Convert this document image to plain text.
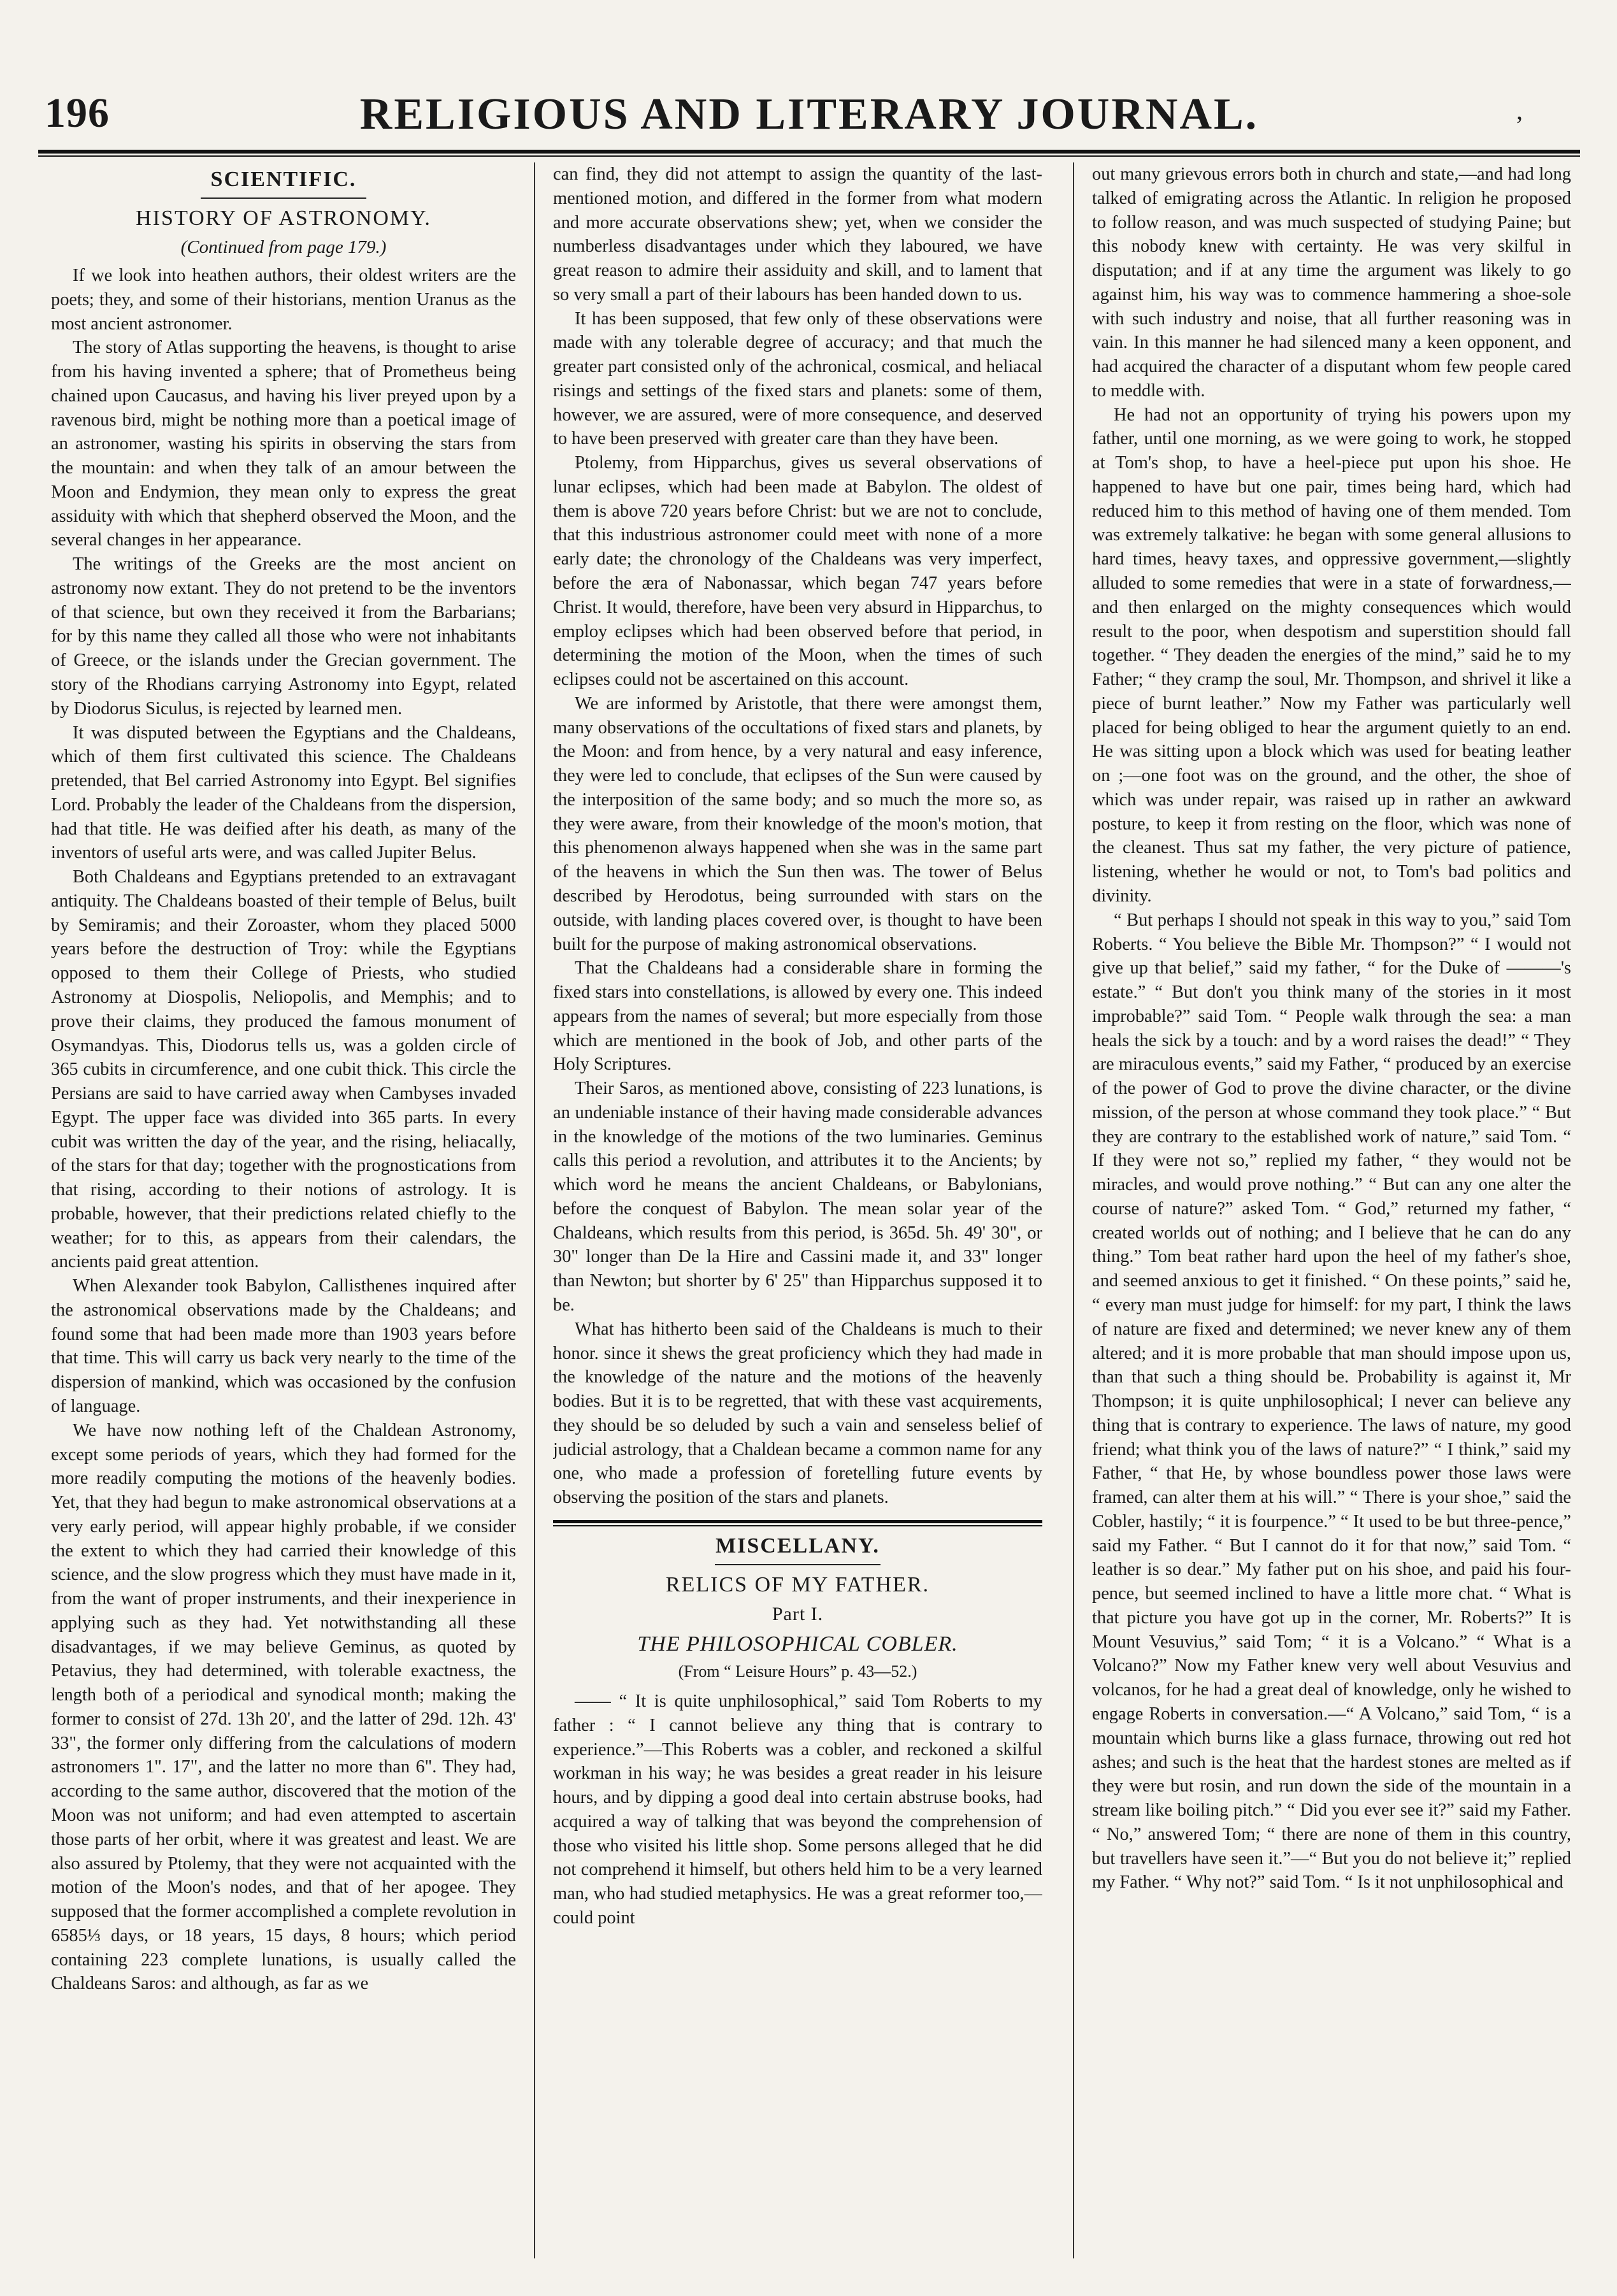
196	RELIGIOUS AND LITERARY JOURNAL.	,
SCIENTIFIC.
HISTORY OF ASTRONOMY.
(Continued from page 179.)

If we look into heathen authors, their oldest writers are the poets; they, and some of their historians, mention Uranus as the most ancient astronomer.

The story of Atlas supporting the heavens, is thought to arise from his having invented a sphere; that of Prometheus being chained upon Caucasus, and having his liver preyed upon by a ravenous bird, might be nothing more than a poetical image of an astronomer, wasting his spirits in observing the stars from the mountain: and when they talk of an amour between the Moon and Endymion, they mean only to express the great assiduity with which that shepherd observed the Moon, and the several changes in her appearance.

The writings of the Greeks are the most ancient on astronomy now extant. They do not pretend to be the inventors of that science, but own they received it from the Barbarians; for by this name they called all those who were not inhabitants of Greece, or the islands under the Grecian government. The story of the Rhodians carrying Astronomy into Egypt, related by Diodorus Siculus, is rejected by learned men.

It was disputed between the Egyptians and the Chaldeans, which of them first cultivated this science. The Chaldeans pretended, that Bel carried Astronomy into Egypt. Bel signifies Lord. Probably the leader of the Chaldeans from the dispersion, had that title. He was deified after his death, as many of the inventors of useful arts were, and was called Jupiter Belus.

Both Chaldeans and Egyptians pretended to an extravagant antiquity. The Chaldeans boasted of their temple of Belus, built by Semiramis; and their Zoroaster, whom they placed 5000 years before the destruction of Troy: while the Egyptians opposed to them their College of Priests, who studied Astronomy at Diospolis, Neliopolis, and Memphis; and to prove their claims, they produced the famous monument of Osymandyas. This, Diodorus tells us, was a golden circle of 365 cubits in circumference, and one cubit thick. This circle the Persians are said to have carried away when Cambyses invaded Egypt. The upper face was divided into 365 parts. In every cubit was written the day of the year, and the rising, heliacally, of the stars for that day; together with the prognostications from that rising, according to their notions of astrology. It is probable, however, that their predictions related chiefly to the weather; for to this, as appears from their calendars, the ancients paid great attention.

When Alexander took Babylon, Callisthenes inquired after the astronomical observations made by the Chaldeans; and found some that had been made more than 1903 years before that time. This will carry us back very nearly to the time of the dispersion of mankind, which was occasioned by the confusion of language.

We have now nothing left of the Chaldean Astronomy, except some periods of years, which they had formed for the more readily computing the motions of the heavenly bodies. Yet, that they had begun to make astronomical observations at a very early period, will appear highly probable, if we consider the extent to which they had carried their knowledge of this science, and the slow progress which they must have made in it, from the want of proper instruments, and their inexperience in applying such as they had. Yet notwithstanding all these disadvantages, if we may believe Geminus, as quoted by Petavius, they had determined, with tolerable exactness, the length both of a periodical and synodical month; making the former to consist of 27d. 13h 20', and the latter of 29d. 12h. 43' 33", the former only differing from the calculations of modern astronomers 1". 17", and the latter no more than 6". They had, according to the same author, discovered that the motion of the Moon was not uniform; and had even attempted to ascertain those parts of her orbit, where it was greatest and least. We are also assured by Ptolemy, that they were not acquainted with the motion of the Moon's nodes, and that of her apogee. They supposed that the former accomplished a complete revolution in 6585⅓ days, or 18 years, 15 days, 8 hours; which period containing 223 complete lunations, is usually called the Chaldeans Saros: and although, as far as we

can find, they did not attempt to assign the quantity of the last-mentioned motion, and differed in the former from what modern and more accurate observations shew; yet, when we consider the numberless disadvantages under which they laboured, we have great reason to admire their assiduity and skill, and to lament that so very small a part of their labours has been handed down to us.

It has been supposed, that few only of these observations were made with any tolerable degree of accuracy; and that much the greater part consisted only of the achronical, cosmical, and heliacal risings and settings of the fixed stars and planets: some of them, however, we are assured, were of more consequence, and deserved to have been preserved with greater care than they have been.

Ptolemy, from Hipparchus, gives us several observations of lunar eclipses, which had been made at Babylon. The oldest of them is above 720 years before Christ: but we are not to conclude, that this industrious astronomer could meet with none of a more early date; the chronology of the Chaldeans was very imperfect, before the æra of Nabonassar, which began 747 years before Christ. It would, therefore, have been very absurd in Hipparchus, to employ eclipses which had been observed before that period, in determining the motion of the Moon, when the times of such eclipses could not be ascertained on this account.

We are informed by Aristotle, that there were amongst them, many observations of the occultations of fixed stars and planets, by the Moon: and from hence, by a very natural and easy inference, they were led to conclude, that eclipses of the Sun were caused by the interposition of the same body; and so much the more so, as they were aware, from their knowledge of the moon's motion, that this phenomenon always happened when she was in the same part of the heavens in which the Sun then was. The tower of Belus described by Herodotus, being surrounded with stars on the outside, with landing places covered over, is thought to have been built for the purpose of making astronomical observations.

That the Chaldeans had a considerable share in forming the fixed stars into constellations, is allowed by every one. This indeed appears from the names of several; but more especially from those which are mentioned in the book of Job, and other parts of the Holy Scriptures.

Their Saros, as mentioned above, consisting of 223 lunations, is an undeniable instance of their having made considerable advances in the knowledge of the motions of the two luminaries. Geminus calls this period a revolution, and attributes it to the Ancients; by which word he means the ancient Chaldeans, or Babylonians, before the conquest of Babylon. The mean solar year of the Chaldeans, which results from this period, is 365d. 5h. 49' 30", or 30" longer than De la Hire and Cassini made it, and 33" longer than Newton; but shorter by 6' 25" than Hipparchus supposed it to be.

What has hitherto been said of the Chaldeans is much to their honor. since it shews the great proficiency which they had made in the knowledge of the nature and the motions of the heavenly bodies. But it is to be regretted, that with these vast acquirements, they should be so deluded by such a vain and senseless belief of judicial astrology, that a Chaldean became a common name for any one, who made a profession of foretelling future events by observing the position of the stars and planets.

MISCELLANY.
RELICS OF MY FATHER.
Part I.
THE PHILOSOPHICAL COBLER.
(From “ Leisure Hours” p. 43—52.)

—— “ It is quite unphilosophical,” said Tom Roberts to my father : “ I cannot believe any thing that is contrary to experience.”—This Roberts was a cobler, and reckoned a skilful workman in his way; he was besides a great reader in his leisure hours, and by dipping a good deal into certain abstruse books, had acquired a way of talking that was beyond the comprehension of those who visited his little shop. Some persons alleged that he did not comprehend it himself, but others held him to be a very learned man, who had studied metaphysics. He was a great reformer too,—could point

out many grievous errors both in church and state,—and had long talked of emigrating across the Atlantic. In religion he proposed to follow reason, and was much suspected of studying Paine; but this nobody knew with certainty. He was very skilful in disputation; and if at any time the argument was likely to go against him, his way was to commence hammering a shoe-sole with such industry and noise, that all further reasoning was in vain. In this manner he had silenced many a keen opponent, and had acquired the character of a disputant whom few people cared to meddle with.

He had not an opportunity of trying his powers upon my father, until one morning, as we were going to work, he stopped at Tom's shop, to have a heel-piece put upon his shoe. He happened to have but one pair, times being hard, which had reduced him to this method of having one of them mended. Tom was extremely talkative: he began with some general allusions to hard times, heavy taxes, and oppressive government,—slightly alluded to some remedies that were in a state of forwardness,—and then enlarged on the mighty consequences which would result to the poor, when despotism and superstition should fall together. “ They deaden the energies of the mind,” said he to my Father; “ they cramp the soul, Mr. Thompson, and shrivel it like a piece of burnt leather.” Now my Father was particularly well placed for being obliged to hear the argument quietly to an end. He was sitting upon a block which was used for beating leather on ;—one foot was on the ground, and the other, the shoe of which was under repair, was raised up in rather an awkward posture, to keep it from resting on the floor, which was none of the cleanest. Thus sat my father, the very picture of patience, listening, whether he would or not, to Tom's bad politics and divinity.

“ But perhaps I should not speak in this way to you,” said Tom Roberts. “ You believe the Bible Mr. Thompson?” “ I would not give up that belief,” said my father, “ for the Duke of ———'s estate.” “ But don't you think many of the stories in it most improbable?” said Tom. “ People walk through the sea: a man heals the sick by a touch: and by a word raises the dead!” “ They are miraculous events,” said my Father, “ produced by an exercise of the power of God to prove the divine character, or the divine mission, of the person at whose command they took place.” “ But they are contrary to the established work of nature,” said Tom. “ If they were not so,” replied my father, “ they would not be miracles, and would prove nothing.” “ But can any one alter the course of nature?” asked Tom. “ God,” returned my father, “ created worlds out of nothing; and I believe that he can do any thing.” Tom beat rather hard upon the heel of my father's shoe, and seemed anxious to get it finished. “ On these points,” said he, “ every man must judge for himself: for my part, I think the laws of nature are fixed and determined; we never knew any of them altered; and it is more probable that man should impose upon us, than that such a thing should be. Probability is against it, Mr Thompson; it is quite unphilosophical; I never can believe any thing that is contrary to experience. The laws of nature, my good friend; what think you of the laws of nature?” “ I think,” said my Father, “ that He, by whose boundless power those laws were framed, can alter them at his will.” “ There is your shoe,” said the Cobler, hastily; “ it is fourpence.” “ It used to be but three-pence,” said my Father. “ But I cannot do it for that now,” said Tom. “ leather is so dear.” My father put on his shoe, and paid his four-pence, but seemed inclined to have a little more chat. “ What is that picture you have got up in the corner, Mr. Roberts?” It is Mount Vesuvius,” said Tom; “ it is a Volcano.” “ What is a Volcano?” Now my Father knew very well about Vesuvius and volcanos, for he had a great deal of knowledge, only he wished to engage Roberts in conversation.—“ A Volcano,” said Tom, “ is a mountain which burns like a glass furnace, throwing out red hot ashes; and such is the heat that the hardest stones are melted as if they were but rosin, and run down the side of the mountain in a stream like boiling pitch.” “ Did you ever see it?” said my Father. “ No,” answered Tom; “ there are none of them in this country, but travellers have seen it.”—“ But you do not believe it;” replied my Father. “ Why not?” said Tom. “ Is it not unphilosophical and
